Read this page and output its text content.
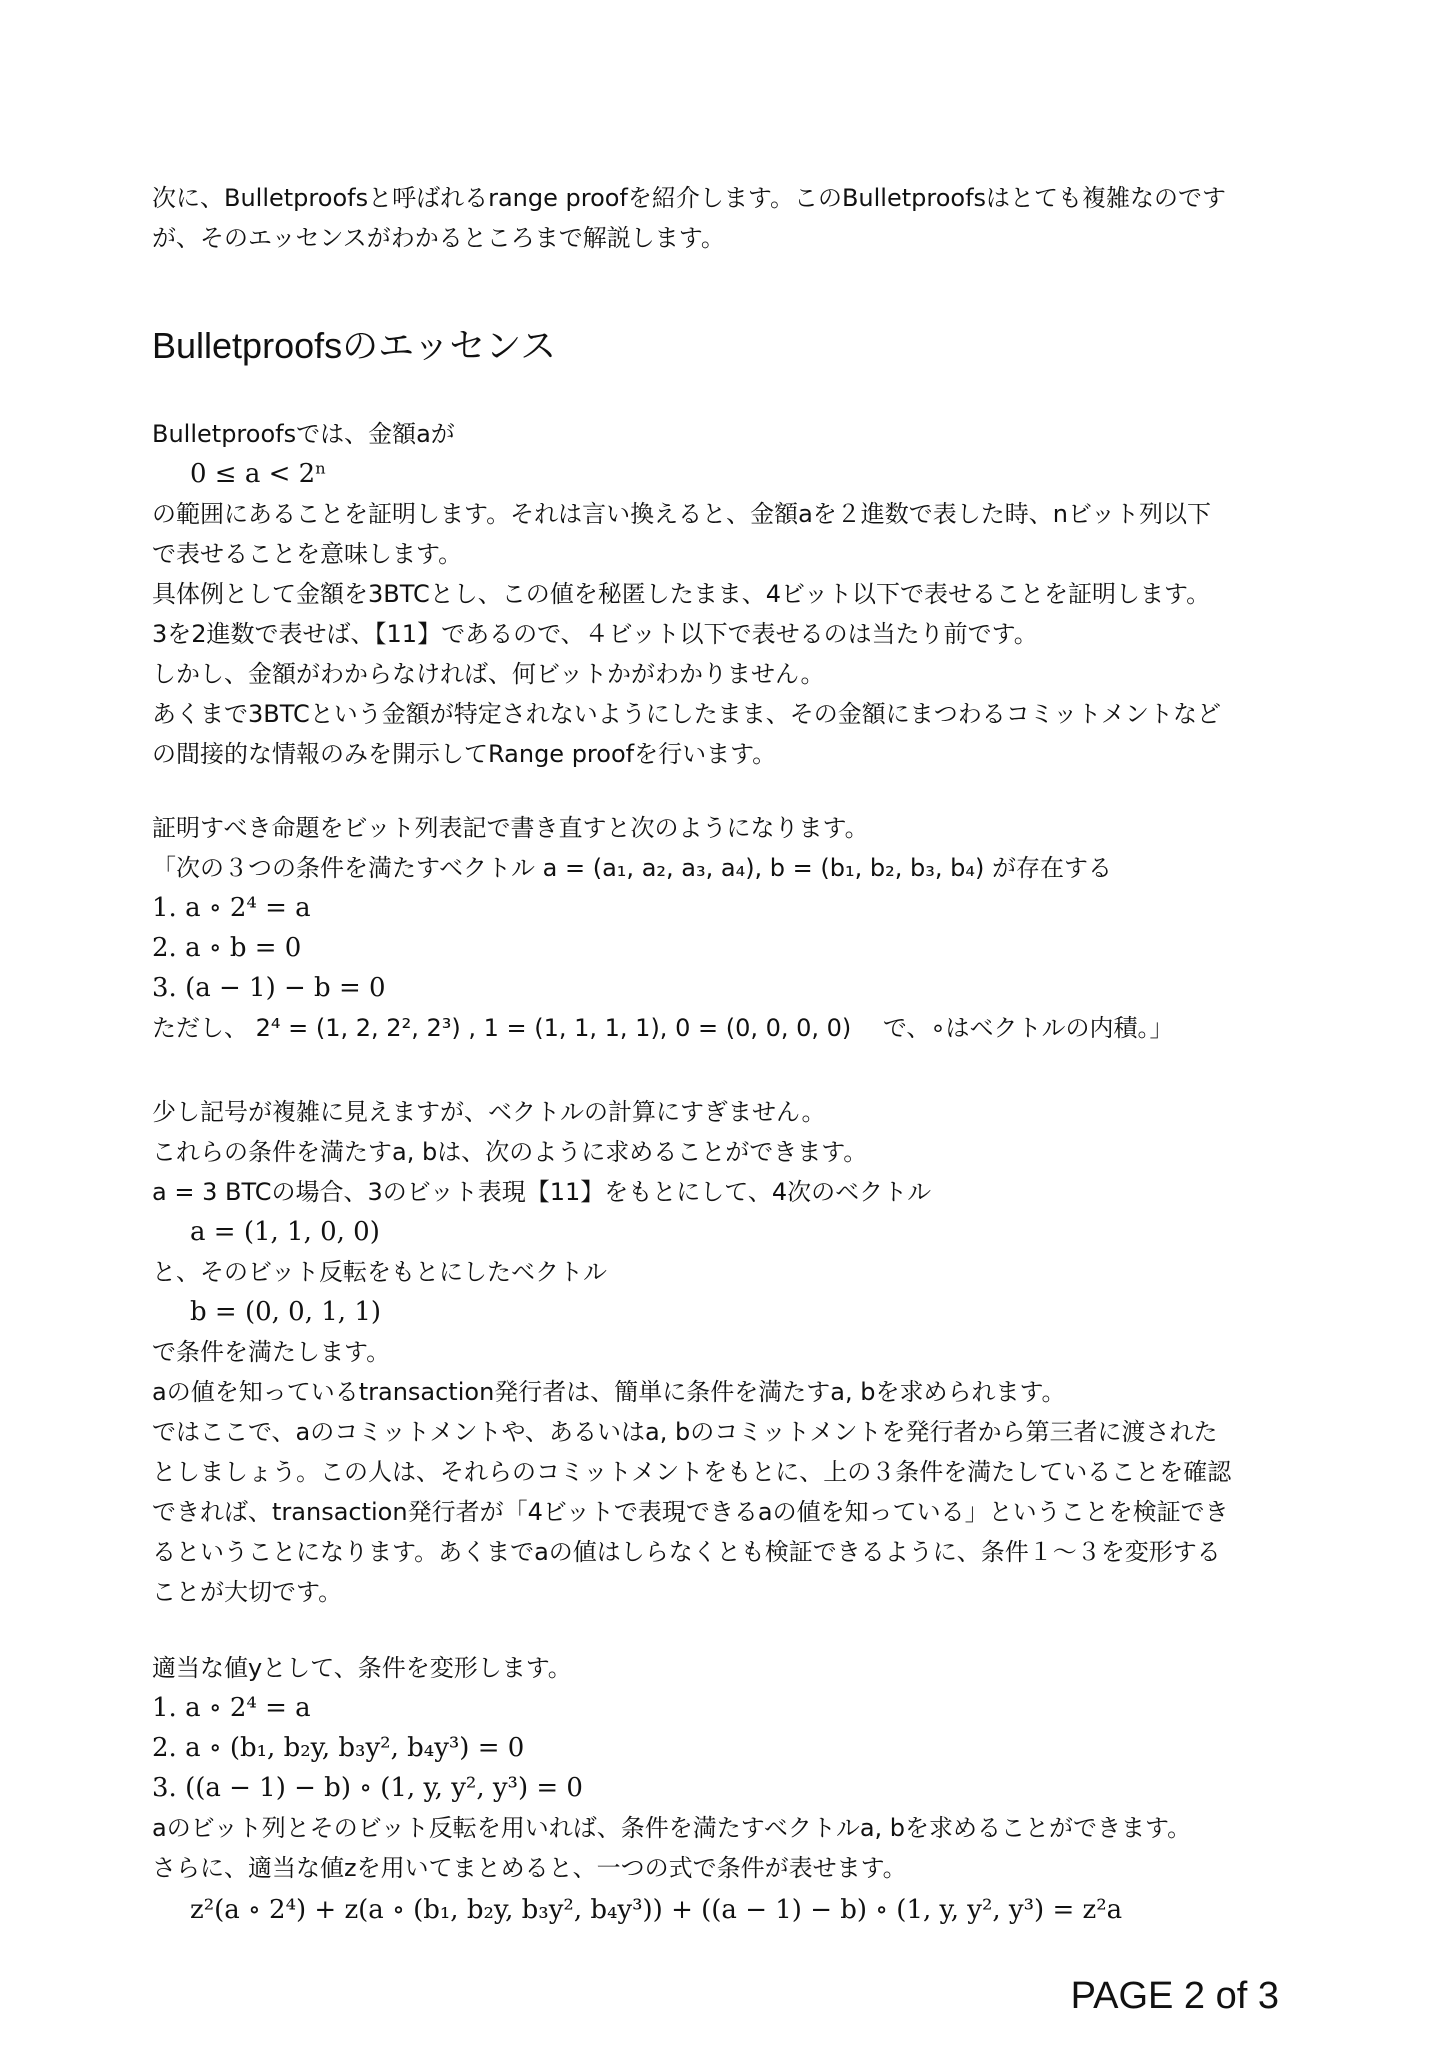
次に、Bulletproofsと呼ばれるrange proofを紹介します。このBulletproofsはとても複雑なのです
が、そのエッセンスがわかるところまで解説します。
Bulletproofsのエッセンス
Bulletproofsでは、金額aが
0 ≤ a < 2ⁿ
の範囲にあることを証明します。それは言い換えると、金額aを２進数で表した時、nビット列以下
で表せることを意味します。
具体例として金額を3BTCとし、この値を秘匿したまま、4ビット以下で表せることを証明します。
3を2進数で表せば、【11】であるので、４ビット以下で表せるのは当たり前です。
しかし、金額がわからなければ、何ビットかがわかりません。
あくまで3BTCという金額が特定されないようにしたまま、その金額にまつわるコミットメントなど
の間接的な情報のみを開示してRange proofを行います。
証明すべき命題をビット列表記で書き直すと次のようになります。
「次の３つの条件を満たすベクトル a = (a₁, a₂, a₃, a₄), b = (b₁, b₂, b₃, b₄) が存在する
1. a ∘ 2⁴ = a
2. a ∘ b = 0
3. (a − 1) − b = 0
ただし、 2⁴ = (1, 2, 2², 2³) , 1 = (1, 1, 1, 1), 0 = (0, 0, 0, 0)　 で、∘はベクトルの内積。」
少し記号が複雑に見えますが、ベクトルの計算にすぎません。
これらの条件を満たすa, bは、次のように求めることができます。
a = 3 BTCの場合、3のビット表現【11】をもとにして、4次のベクトル
a = (1, 1, 0, 0)
と、そのビット反転をもとにしたベクトル
b = (0, 0, 1, 1)
で条件を満たします。
aの値を知っているtransaction発行者は、簡単に条件を満たすa, bを求められます。
ではここで、aのコミットメントや、あるいはa, bのコミットメントを発行者から第三者に渡された
としましょう。この人は、それらのコミットメントをもとに、上の３条件を満たしていることを確認
できれば、transaction発行者が「4ビットで表現できるaの値を知っている」ということを検証でき
るということになります。あくまでaの値はしらなくとも検証できるように、条件１～３を変形する
ことが大切です。
適当な値yとして、条件を変形します。
1. a ∘ 2⁴ = a
2. a ∘ (b₁, b₂y, b₃y², b₄y³) = 0
3. ((a − 1) − b) ∘ (1, y, y², y³) = 0
aのビット列とそのビット反転を用いれば、条件を満たすベクトルa, bを求めることができます。
さらに、適当な値zを用いてまとめると、一つの式で条件が表せます。
z²(a ∘ 2⁴) + z(a ∘ (b₁, b₂y, b₃y², b₄y³)) + ((a − 1) − b) ∘ (1, y, y², y³) = z²a
PAGE 2 of 3
